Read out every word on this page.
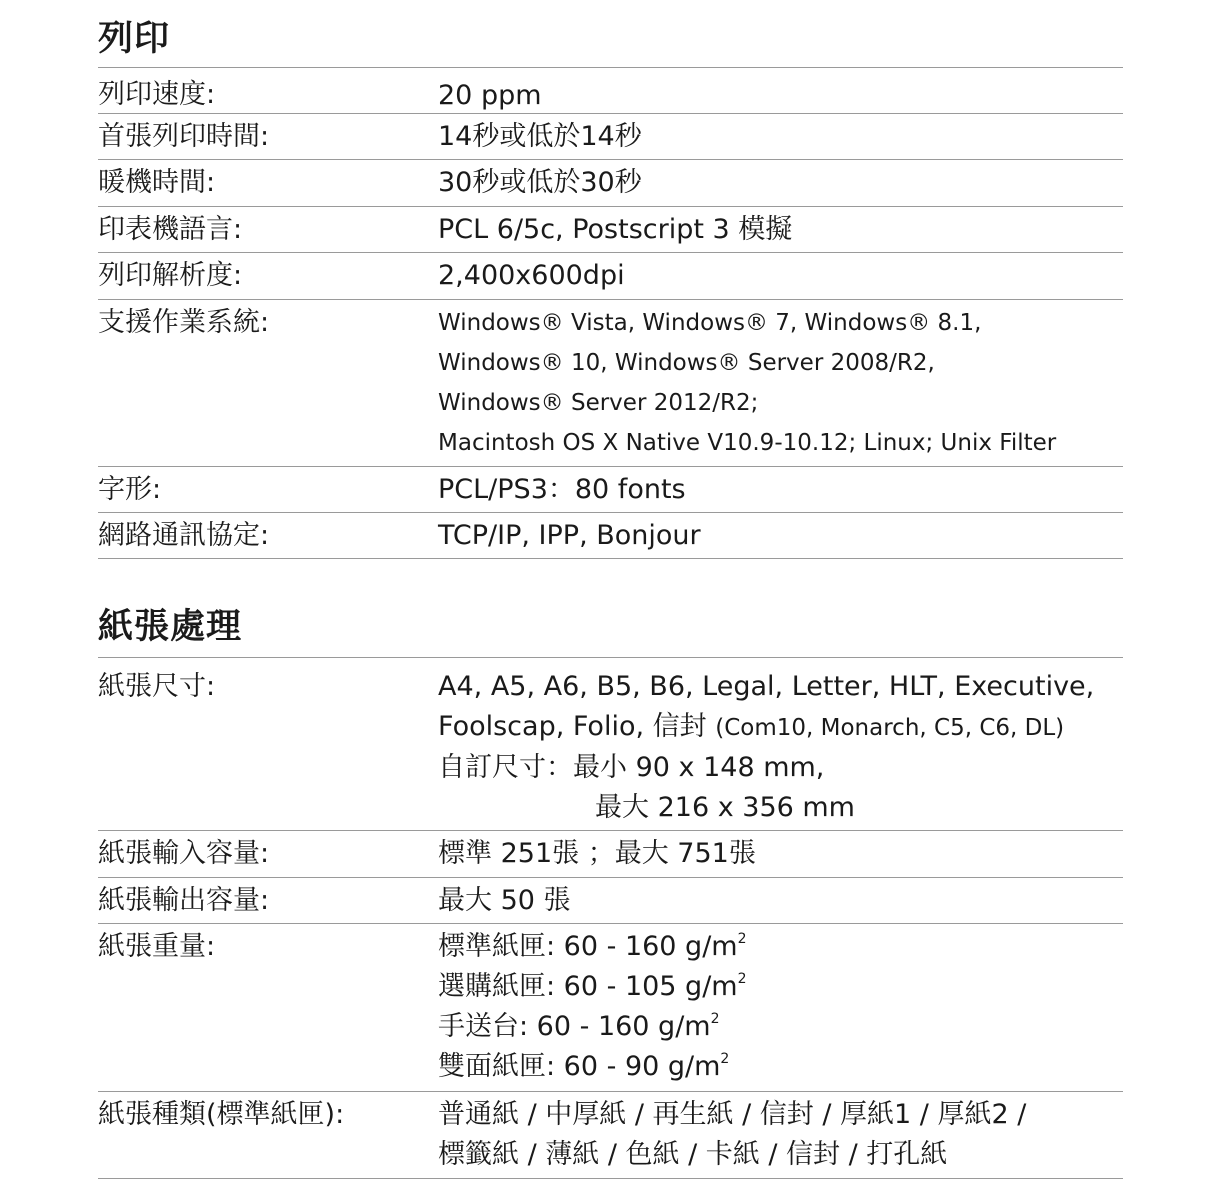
列印
列印速度:	20 ppm
首張列印時間:	14秒或低於14秒
暖機時間:	30秒或低於30秒
印表機語言:	PCL 6/5c, Postscript 3 模擬
列印解析度:	2,400x600dpi
支援作業系統:	Windows® Vista, Windows® 7, Windows® 8.1,
Windows® 10, Windows® Server 2008/R2,
Windows® Server 2012/R2;
Macintosh OS X Native V10.9-10.12; Linux; Unix Filter
字形:	PCL/PS3：80 fonts
網路通訊協定:	TCP/IP, IPP, Bonjour
紙張處理
紙張尺寸:	A4, A5, A6, B5, B6, Legal, Letter, HLT, Executive,
Foolscap, Folio, 信封 (Com10, Monarch, C5, C6, DL)
自訂尺寸：最小 90 x 148 mm,
最大 216 x 356 mm
紙張輸入容量:	標準 251張 ；最大 751張
紙張輸出容量:	最大 50 張
紙張重量:	標準紙匣: 60 - 160 $g/m^2$
選購紙匣: 60 - 105 $g/m^2$
手送台: 60 - 160 $g/m^2$
雙面紙匣: 60 - 90 $g/m^2$
紙張種類(標準紙匣):	普通紙 / 中厚紙 / 再生紙 / 信封 / 厚紙1 / 厚紙2 /
標籤紙 / 薄紙 / 色紙 / 卡紙 / 信封 / 打孔紙
